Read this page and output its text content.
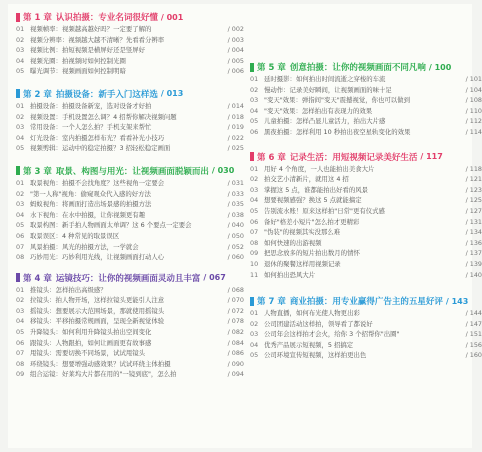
第 1 章 认识拍摄：专业名词很好懂 / 001
01 视频帧率：视频越高越好吗？一定要了解的	/ 002
02 视频分辨率：视频越大越不清晰？先看看分辨率	/ 003
03 视频比例：拍短视频是横屏好还是竖屏好	/ 004
04 视频光圈：拍视频时如何控制光圈	/ 005
05 曝光调节：视频画面如何控制明暗	/ 006
第 2 章 拍摄设备：新手入门这样选 / 013
01 拍摄设备：拍摄设备新宠，选对设备才好拍	/ 014
02 视频设置：手机设置怎么调？4 招帮你解决视频问题	/ 018
03 常用设备：一个人怎么拍？手机支架来帮忙	/ 019
04 灯光设备：室内拍摄怎样布光？看看补光小技巧	/ 022
05 视频剪辑：运动中的稳定拍摄？3 招轻松稳定画面	/ 025
第 3 章 取景、构图与用光：让视频画面脱颖而出 / 030
01 取景视角：拍摄不会找角度？这些视角一定要会	/ 031
02 "第一人称"视角：偷窥观众代入感的好方法	/ 033
03 蚂蚁视角：将画面打造出场景感的拍摄方法	/ 035
04 水下视角：在水中拍摄，让你视频更有趣	/ 038
05 取景构图：新手拍人物画面太单调？这 6 个要点一定要会	/ 040
06 取景误区：4 种常见的取景误区	/ 050
07 风景拍摄：风光的拍摄方法，一学就会	/ 052
08 巧妙用光：巧妙利用光线，让视频画面打动人心	/ 060
第 4 章 运镜技巧：让你的视频画面灵动且丰富 / 067
01 推镜头：怎样拍出高级感？	/ 068
02 拉镜头：拍人物开场，这样拉镜头更能引人注意	/ 070
03 摇镜头：想要展示大范围场景，那就使用摇镜头	/ 072
04 移镜头：平移拍摄常规画面，呈现全新视觉体验	/ 078
05 升降镜头：如何利用升降镜头拍出空间变化	/ 082
06 跟镜头：人物跟拍，如何让画面更有故事感	/ 084
07 甩镜头：需要切换不同场景，试试甩镜头	/ 086
08 环绕镜头：想要增强动感效果？试试环绕主体拍摄	/ 090
09 组合运镜：好莱坞大片都在用的"一镜到底"，怎么拍	/ 094
第 5 章 创意拍摄：让你的视频画面不同凡响 / 100
01 延时摄影：如何拍出时间流逝之穿梭的车流	/ 101
02 慢动作：记录美好瞬间，让视频画面的味十足	/ 104
03 "变天"效果：弹指间"变天"震撼视觉，你也可以做到	/ 108
04 "变天"效果：怎样拍出有表现力的效果	/ 110
05 儿童拍摄：怎样凸显儿童活力，拍出大片感	/ 112
06 黑夜拍摄：怎样利用 10 秒拍出夜空星轨变化的效果	/ 114
第 6 章 记录生活：用短视频记录美好生活 / 117
01 用好 4 个角度，一人也能拍出美食大片	/ 118
02 拍交艺小清新片，就用这 4 招	/ 121
03 掌握这 5 点，谁都能拍出好看的风景	/ 123
04 想要视频感强？换这 5 点就能搞定	/ 125
05 告别流水账！原来这样拍"日常"更有仪式感	/ 127
06 备好"格差小短片"怎么拍才更精彩	/ 131
07 "伪装"的视频其实没那么难	/ 134
08 如何快速的出游视频	/ 136
09 把思念放多的短片拍出数月的情怀	/ 137
10 退休的聚餐这样用视频记录	/ 139
11 如何拍出恐风大片	/ 140
第 7 章 商业拍摄：用专业赢得广告主的五星好评 / 143
01 人物直播，如何布光使人物更出彩	/ 144
02 公司团建活动这样拍，领导看了都说好	/ 147
03 公司年会这样拍才会火，给你 3 个招帮你"出圈"	/ 151
04 优秀产品展示短视频，5 招搞定	/ 156
05 公司环境宣传短视频，这样拍更出色	/ 160
